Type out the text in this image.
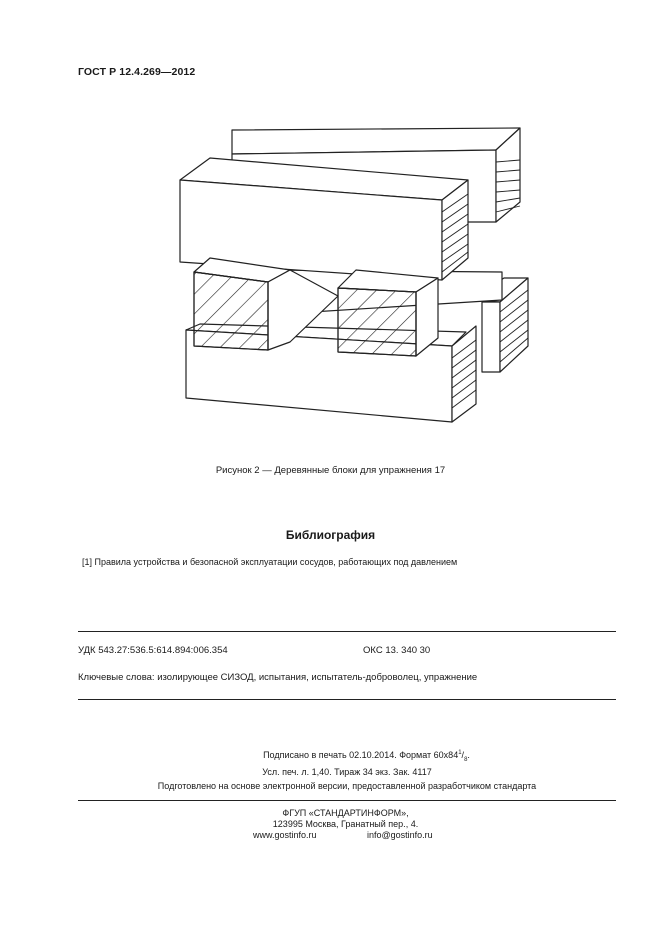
ГОСТ Р 12.4.269—2012
Рисунок 2 — Деревянные блоки для упражнения 17
Библиография
[1] Правила устройства и безопасной эксплуатации сосудов, работающих под давлением
УДК 543.27:536.5:614.894:006.354	ОКС 13. 340 30
Ключевые слова: изолирующее СИЗОД, испытания, испытатель-доброволец, упражнение
Подписано в печать 02.10.2014. Формат $60x84^1/_8$.
Усл. печ. л. 1,40. Тираж 34 экз. Зак. 4117
Подготовлено на основе электронной версии, предоставленной разработчиком стандарта
ФГУП «СТАНДАРТИНФОРМ»,
123995 Москва, Гранатный пер., 4.
www.gostinfo.ru	info@gostinfo.ru
